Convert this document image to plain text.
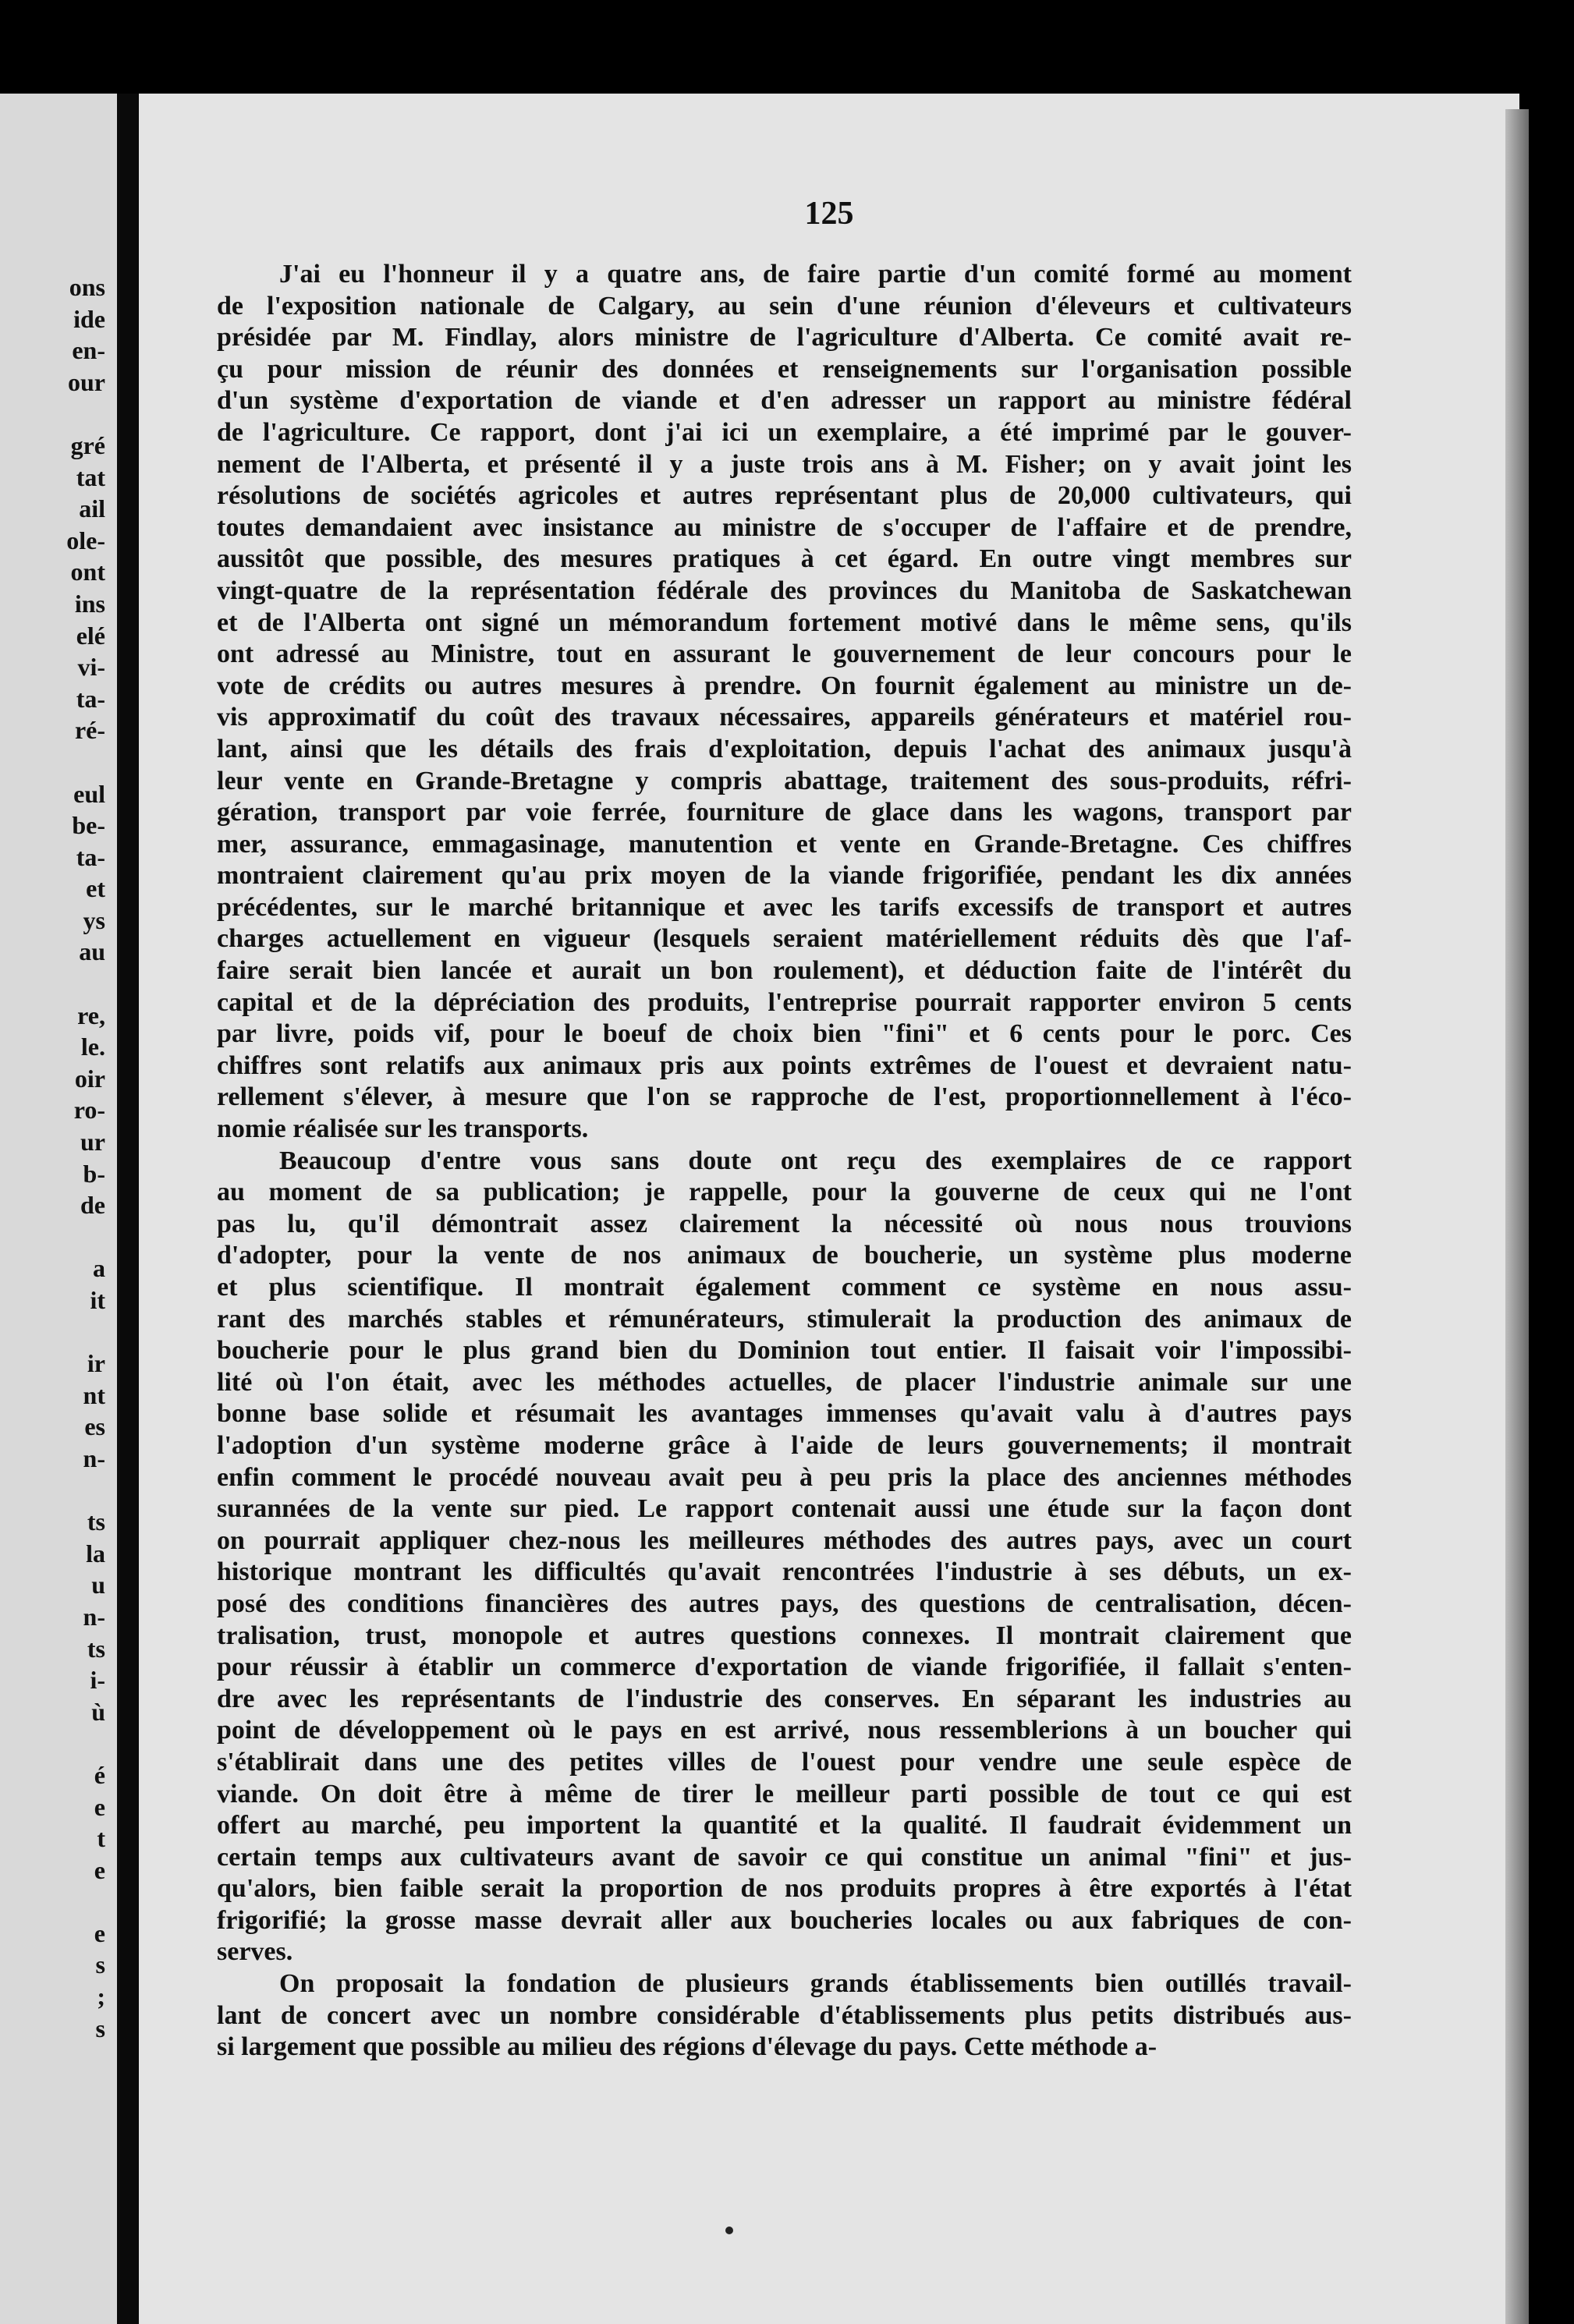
ons
ide
en-
our
gré
tat
ail
ole-
ont
ins
elé
vi-
ta-
ré-
eul
be-
ta-
et
ys
au
re,
le.
oir
ro-
ur
b-
de
a
it
ir
nt
es
n-
ts
la
u
n-
ts
i-
ù
é
e
t
e
e
s
;
s
125
J'ai eu l'honneur il y a quatre ans, de faire partie d'un comité formé au moment
de l'exposition nationale de Calgary, au sein d'une réunion d'éleveurs et cultivateurs
présidée par M. Findlay, alors ministre de l'agriculture d'Alberta. Ce comité avait re-
çu pour mission de réunir des données et renseignements sur l'organisation possible
d'un système d'exportation de viande et d'en adresser un rapport au ministre fédéral
de l'agriculture. Ce rapport, dont j'ai ici un exemplaire, a été imprimé par le gouver-
nement de l'Alberta, et présenté il y a juste trois ans à M. Fisher; on y avait joint les
résolutions de sociétés agricoles et autres représentant plus de 20,000 cultivateurs, qui
toutes demandaient avec insistance au ministre de s'occuper de l'affaire et de prendre,
aussitôt que possible, des mesures pratiques à cet égard. En outre vingt membres sur
vingt-quatre de la représentation fédérale des provinces du Manitoba de Saskatchewan
et de l'Alberta ont signé un mémorandum fortement motivé dans le même sens, qu'ils
ont adressé au Ministre, tout en assurant le gouvernement de leur concours pour le
vote de crédits ou autres mesures à prendre. On fournit également au ministre un de-
vis approximatif du coût des travaux nécessaires, appareils générateurs et matériel rou-
lant, ainsi que les détails des frais d'exploitation, depuis l'achat des animaux jusqu'à
leur vente en Grande-Bretagne y compris abattage, traitement des sous-produits, réfri-
gération, transport par voie ferrée, fourniture de glace dans les wagons, transport par
mer, assurance, emmagasinage, manutention et vente en Grande-Bretagne. Ces chiffres
montraient clairement qu'au prix moyen de la viande frigorifiée, pendant les dix années
précédentes, sur le marché britannique et avec les tarifs excessifs de transport et autres
charges actuellement en vigueur (lesquels seraient matériellement réduits dès que l'af-
faire serait bien lancée et aurait un bon roulement), et déduction faite de l'intérêt du
capital et de la dépréciation des produits, l'entreprise pourrait rapporter environ 5 cents
par livre, poids vif, pour le boeuf de choix bien "fini" et 6 cents pour le porc. Ces
chiffres sont relatifs aux animaux pris aux points extrêmes de l'ouest et devraient natu-
rellement s'élever, à mesure que l'on se rapproche de l'est, proportionnellement à l'éco-
nomie réalisée sur les transports.
Beaucoup d'entre vous sans doute ont reçu des exemplaires de ce rapport
au moment de sa publication; je rappelle, pour la gouverne de ceux qui ne l'ont
pas lu, qu'il démontrait assez clairement la nécessité où nous nous trouvions
d'adopter, pour la vente de nos animaux de boucherie, un système plus moderne
et plus scientifique. Il montrait également comment ce système en nous assu-
rant des marchés stables et rémunérateurs, stimulerait la production des animaux de
boucherie pour le plus grand bien du Dominion tout entier. Il faisait voir l'impossibi-
lité où l'on était, avec les méthodes actuelles, de placer l'industrie animale sur une
bonne base solide et résumait les avantages immenses qu'avait valu à d'autres pays
l'adoption d'un système moderne grâce à l'aide de leurs gouvernements; il montrait
enfin comment le procédé nouveau avait peu à peu pris la place des anciennes méthodes
surannées de la vente sur pied. Le rapport contenait aussi une étude sur la façon dont
on pourrait appliquer chez-nous les meilleures méthodes des autres pays, avec un court
historique montrant les difficultés qu'avait rencontrées l'industrie à ses débuts, un ex-
posé des conditions financières des autres pays, des questions de centralisation, décen-
tralisation, trust, monopole et autres questions connexes. Il montrait clairement que
pour réussir à établir un commerce d'exportation de viande frigorifiée, il fallait s'enten-
dre avec les représentants de l'industrie des conserves. En séparant les industries au
point de développement où le pays en est arrivé, nous ressemblerions à un boucher qui
s'établirait dans une des petites villes de l'ouest pour vendre une seule espèce de
viande. On doit être à même de tirer le meilleur parti possible de tout ce qui est
offert au marché, peu importent la quantité et la qualité. Il faudrait évidemment un
certain temps aux cultivateurs avant de savoir ce qui constitue un animal "fini" et jus-
qu'alors, bien faible serait la proportion de nos produits propres à être exportés à l'état
frigorifié; la grosse masse devrait aller aux boucheries locales ou aux fabriques de con-
serves.
On proposait la fondation de plusieurs grands établissements bien outillés travail-
lant de concert avec un nombre considérable d'établissements plus petits distribués aus-
si largement que possible au milieu des régions d'élevage du pays. Cette méthode a-
